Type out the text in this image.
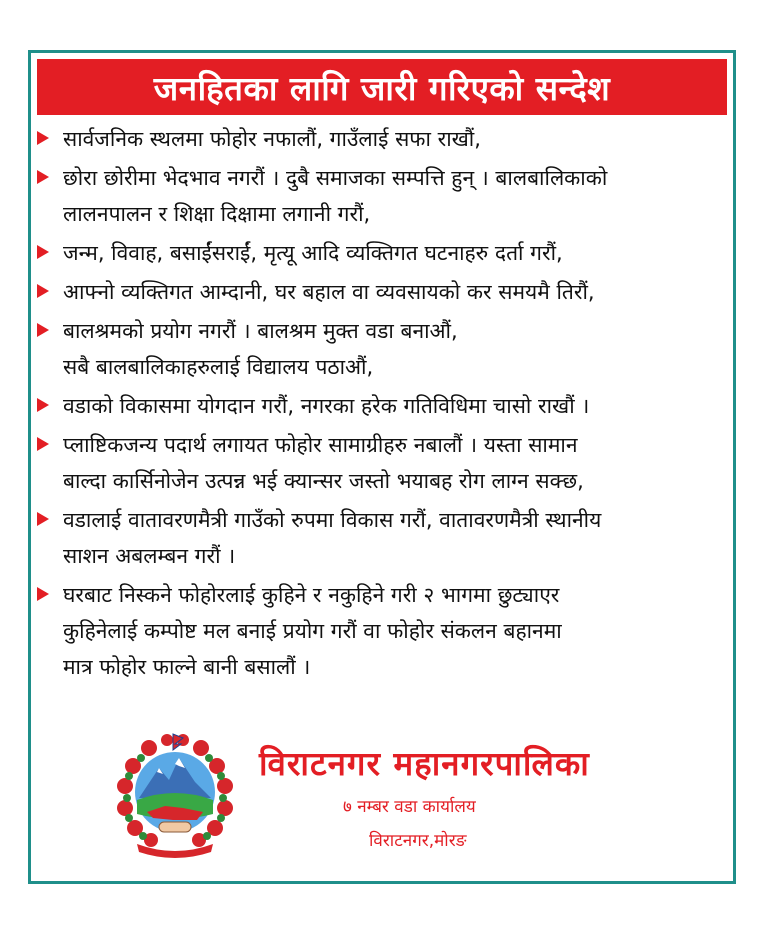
जनहितका लागि जारी गरिएको सन्देश
सार्वजनिक स्थलमा फोहोर नफालौं, गाउँलाई सफा राखौं,
छोरा छोरीमा भेदभाव नगरौं । दुबै समाजका सम्पत्ति हुन् । बालबालिकाको
लालनपालन र शिक्षा दिक्षामा लगानी गरौं,
जन्म, विवाह, बसाईंसराईं, मृत्यू आदि व्यक्तिगत घटनाहरु दर्ता गरौं,
आफ्नो व्यक्तिगत आम्दानी, घर बहाल वा व्यवसायको कर समयमै तिरौं,
बालश्रमको प्रयोग नगरौं । बालश्रम मुक्त वडा बनाऔं,
सबै बालबालिकाहरुलाई विद्यालय पठाऔं,
वडाको विकासमा योगदान गरौं, नगरका हरेक गतिविधिमा चासो राखौं ।
प्लाष्टिकजन्य पदार्थ लगायत फोहोर सामाग्रीहरु नबालौं । यस्ता सामान
बाल्दा कार्सिनोजेन उत्पन्न भई क्यान्सर जस्तो भयाबह रोग लाग्न सक्छ,
वडालाई वातावरणमैत्री गाउँको रुपमा विकास गरौं, वातावरणमैत्री स्थानीय
साशन अबलम्बन गरौं ।
घरबाट निस्कने फोहोरलाई कुहिने र नकुहिने गरी २ भागमा छुट्याएर
कुहिनेलाई कम्पोष्ट मल बनाई प्रयोग गरौं वा फोहोर संकलन बहानमा
मात्र फोहोर फाल्ने बानी बसालौं ।
विराटनगर महानगरपालिका
७ नम्बर वडा कार्यालय
विराटनगर,मोरङ
